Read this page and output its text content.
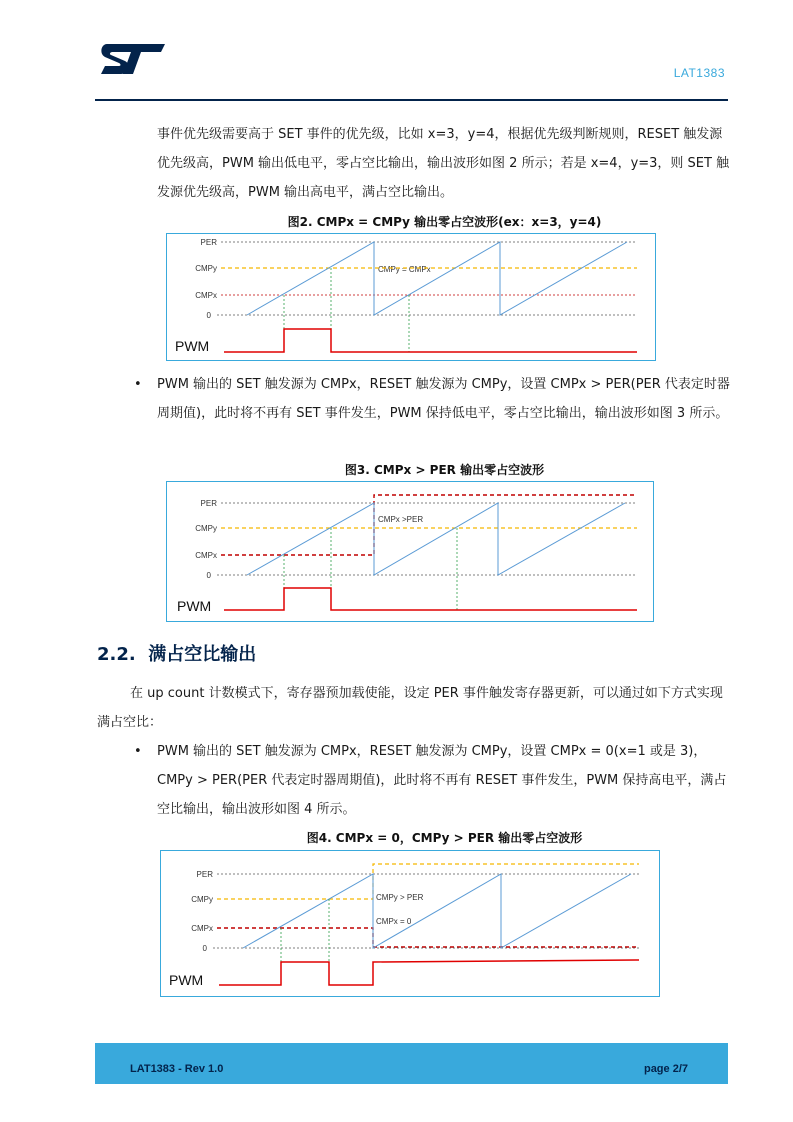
LAT1383
事件优先级需要高于 SET 事件的优先级，比如 x=3，y=4，根据优先级判断规则，RESET 触发源优先级高，PWM 输出低电平，零占空比输出，输出波形如图 2 所示；若是 x=4，y=3，则 SET 触发源优先级高，PWM 输出高电平，满占空比输出。
图2. CMPx = CMPy 输出零占空波形(ex：x=3，y=4)
PER
CMPy
CMPx
0
CMPy = CMPx
PWM
• PWM 输出的 SET 触发源为 CMPx，RESET 触发源为 CMPy，设置 CMPx > PER(PER 代表定时器周期值)，此时将不再有 SET 事件发生，PWM 保持低电平，零占空比输出，输出波形如图 3 所示。
图3. CMPx > PER 输出零占空波形
PER
CMPy
CMPx
0
CMPx >PER
PWM
2.2. 满占空比输出
在 up count 计数模式下，寄存器预加载使能，设定 PER 事件触发寄存器更新，可以通过如下方式实现满占空比：
• PWM 输出的 SET 触发源为 CMPx，RESET 触发源为 CMPy，设置 CMPx = 0(x=1 或是 3)，CMPy > PER(PER 代表定时器周期值)，此时将不再有 RESET 事件发生，PWM 保持高电平，满占空比输出，输出波形如图 4 所示。
图4. CMPx = 0，CMPy > PER 输出零占空波形
PER
CMPy
CMPx
0
CMPy > PER
CMPx = 0
PWM
LAT1383 - Rev 1.0	page 2/7
